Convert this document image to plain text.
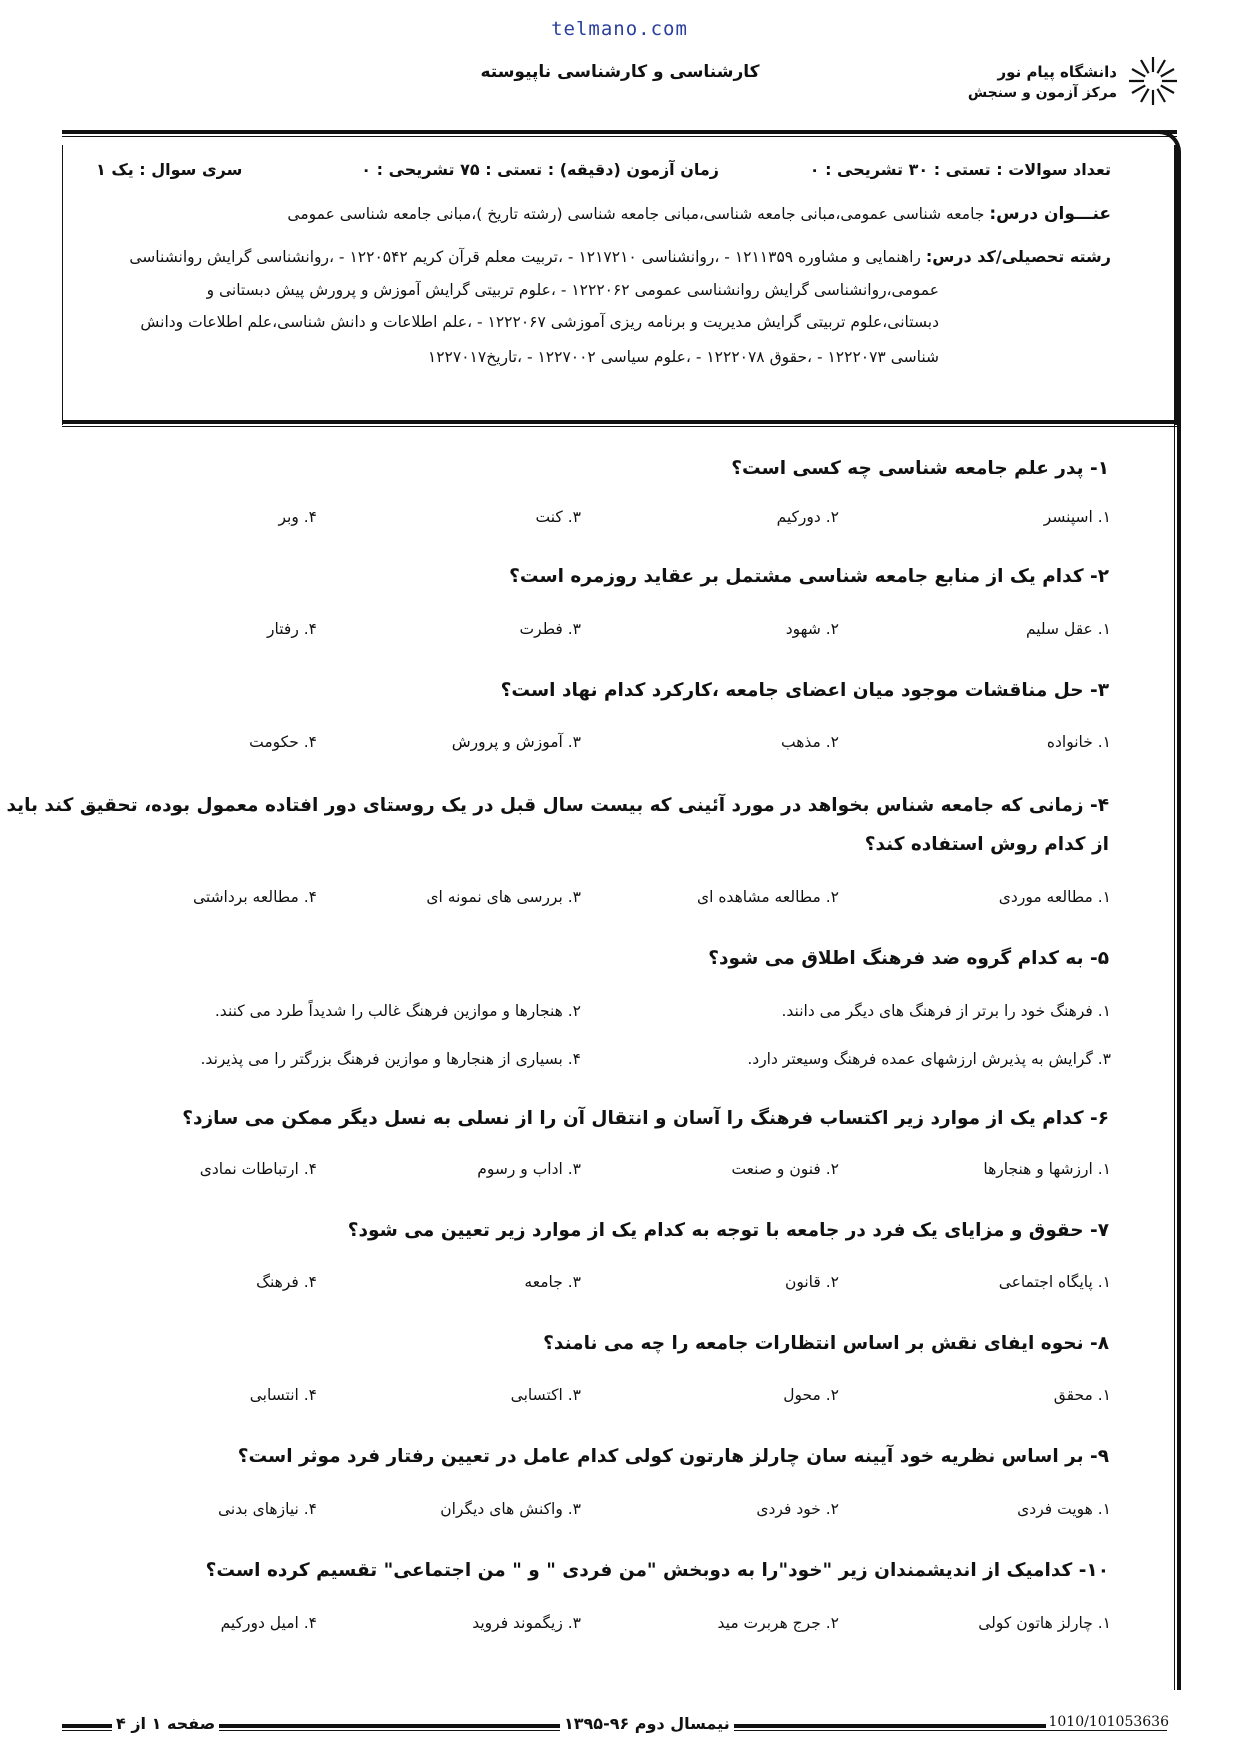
telmano.com
کارشناسی و کارشناسی ناپیوسته	دانشگاه پیام نور
مرکز آزمون و سنجش
تعداد سوالات : تستی : ۳۰ تشریحی : ۰
زمان آزمون (دقیقه) : تستی : ۷۵ تشریحی : ۰
سری سوال : یک ۱
عنـــوان درس: جامعه شناسی عمومی،مبانی جامعه شناسی،مبانی جامعه شناسی (رشته تاریخ )،مبانی جامعه شناسی عمومی
رشته تحصیلی/کد درس: راهنمایی و مشاوره ۱۲۱۱۳۵۹ - ،روانشناسی ۱۲۱۷۲۱۰ - ،تربیت معلم قرآن کریم ۱۲۲۰۵۴۲ - ،روانشناسی گرایش روانشناسی
عمومی،روانشناسی گرایش روانشناسی عمومی ۱۲۲۲۰۶۲ - ،علوم تربیتی گرایش آموزش و پرورش پیش دبستانی و
دبستانی،علوم تربیتی گرایش مدیریت و برنامه ریزی آموزشی ۱۲۲۲۰۶۷ - ،علم اطلاعات و دانش شناسی،علم اطلاعات ودانش
شناسی ۱۲۲۲۰۷۳ - ،حقوق ۱۲۲۲۰۷۸ - ،علوم سیاسی ۱۲۲۷۰۰۲ - ،تاریخ۱۲۲۷۰۱۷
۱- پدر علم جامعه شناسی چه کسی است؟
۱. اسپنسر
۲. دورکیم
۳. کنت
۴. وبر
۲- کدام یک از منابع جامعه شناسی مشتمل بر عقاید روزمره است؟
۱. عقل سلیم
۲. شهود
۳. فطرت
۴. رفتار
۳- حل مناقشات موجود میان اعضای جامعه ،کارکرد کدام نهاد است؟
۱. خانواده
۲. مذهب
۳. آموزش و پرورش
۴. حکومت
۴- زمانی که جامعه شناس بخواهد در مورد آئینی که بیست سال قبل در یک روستای دور افتاده معمول بوده، تحقیق کند باید
از کدام روش استفاده کند؟
۱. مطالعه موردی
۲. مطالعه مشاهده ای
۳. بررسی های نمونه ای
۴. مطالعه برداشتی
۵- به کدام گروه ضد فرهنگ اطلاق می شود؟
۱. فرهنگ خود را برتر از فرهنگ های دیگر می دانند.
۲. هنجارها و موازین فرهنگ غالب را شدیداً طرد می کنند.
۳. گرایش به پذیرش ارزشهای عمده فرهنگ وسیعتر دارد.
۴. بسیاری از هنجارها و موازین فرهنگ بزرگتر را می پذیرند.
۶- کدام یک از موارد زیر اکتساب فرهنگ را آسان و انتقال آن را از نسلی به نسل دیگر ممکن می سازد؟
۱. ارزشها و هنجارها
۲. فنون و صنعت
۳. اداب و رسوم
۴. ارتباطات نمادی
۷- حقوق و مزایای یک فرد در جامعه با توجه به کدام یک از موارد زیر تعیین می شود؟
۱. پایگاه اجتماعی
۲. قانون
۳. جامعه
۴. فرهنگ
۸- نحوه ایفای نقش بر اساس انتظارات جامعه را چه می نامند؟
۱. محقق
۲. محول
۳. اکتسابی
۴. انتسابی
۹- بر اساس نظریه خود آیینه سان چارلز هارتون کولی کدام عامل در تعیین رفتار فرد موثر است؟
۱. هویت فردی
۲. خود فردی
۳. واکنش های دیگران
۴. نیازهای بدنی
۱۰- کدامیک از اندیشمندان زیر "خود"را به دوبخش "من فردی " و " من اجتماعی" تقسیم کرده است؟
۱. چارلز هاتون کولی
۲. جرج هربرت مید
۳. زیگموند فروید
۴. امیل دورکیم
صفحه ۱ از ۴	نیمسال دوم ۹۶-۱۳۹۵	1010/101053636
